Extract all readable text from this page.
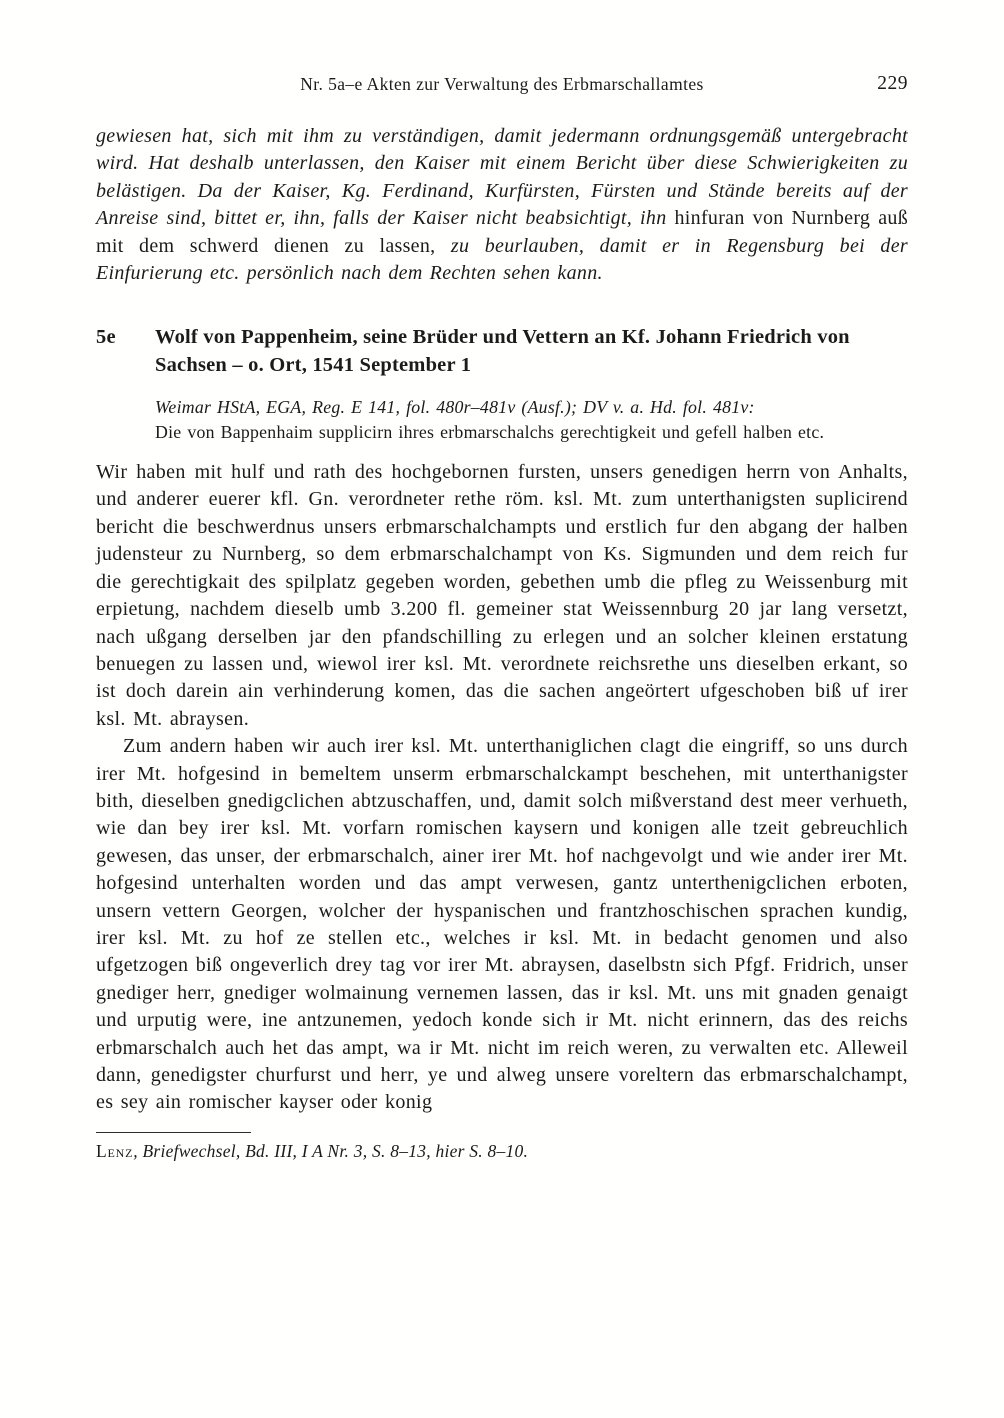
Nr. 5a–e Akten zur Verwaltung des Erbmarschallamtes	229

gewiesen hat, sich mit ihm zu verständigen, damit jedermann ordnungsgemäß untergebracht wird. Hat deshalb unterlassen, den Kaiser mit einem Bericht über diese Schwierigkeiten zu belästigen. Da der Kaiser, Kg. Ferdinand, Kurfürsten, Fürsten und Stände bereits auf der Anreise sind, bittet er, ihn, falls der Kaiser nicht beabsichtigt, ihn hinfuran von Nurnberg auß mit dem schwerd dienen zu lassen, zu beurlauben, damit er in Regensburg bei der Einfurierung etc. persönlich nach dem Rechten sehen kann.

5e	Wolf von Pappenheim, seine Brüder und Vettern an Kf. Johann Friedrich von Sachsen – o. Ort, 1541 September 1
Weimar HStA, EGA, Reg. E 141, fol. 480r–481v (Ausf.); DV v. a. Hd. fol. 481v:
Die von Bappenhaim supplicirn ihres erbmarschalchs gerechtigkeit und gefell halben etc.

Wir haben mit hulf und rath des hochgebornen fursten, unsers genedigen herrn von Anhalts, und anderer euerer kfl. Gn. verordneter rethe röm. ksl. Mt. zum unterthanigsten suplicirend bericht die beschwerdnus unsers erbmarschalchampts und erstlich fur den abgang der halben judensteur zu Nurnberg, so dem erbmarschalchampt von Ks. Sigmunden und dem reich fur die gerechtigkait des spilplatz gegeben worden, gebethen umb die pfleg zu Weissenburg mit erpietung, nachdem dieselb umb 3.200 fl. gemeiner stat Weissennburg 20 jar lang versetzt, nach ußgang derselben jar den pfandschilling zu erlegen und an solcher kleinen erstatung benuegen zu lassen und, wiewol irer ksl. Mt. verordnete reichsrethe uns dieselben erkant, so ist doch darein ain verhinderung komen, das die sachen angeörtert ufgeschoben biß uf irer ksl. Mt. abraysen.

Zum andern haben wir auch irer ksl. Mt. unterthaniglichen clagt die eingriff, so uns durch irer Mt. hofgesind in bemeltem unserm erbmarschalckampt beschehen, mit unterthanigster bith, dieselben gnedigclichen abtzuschaffen, und, damit solch mißverstand dest meer verhueth, wie dan bey irer ksl. Mt. vorfarn romischen kaysern und konigen alle tzeit gebreuchlich gewesen, das unser, der erbmarschalch, ainer irer Mt. hof nachgevolgt und wie ander irer Mt. hofgesind unterhalten worden und das ampt verwesen, gantz unterthenigclichen erboten, unsern vettern Georgen, wolcher der hyspanischen und frantzhoschischen sprachen kundig, irer ksl. Mt. zu hof ze stellen etc., welches ir ksl. Mt. in bedacht genomen und also ufgetzogen biß ongeverlich drey tag vor irer Mt. abraysen, daselbstn sich Pfgf. Fridrich, unser gnediger herr, gnediger wolmainung vernemen lassen, das ir ksl. Mt. uns mit gnaden genaigt und urputig were, ine antzunemen, yedoch konde sich ir Mt. nicht erinnern, das des reichs erbmarschalch auch het das ampt, wa ir Mt. nicht im reich weren, zu verwalten etc. Alleweil dann, genedigster churfurst und herr, ye und alweg unsere voreltern das erbmarschalchampt, es sey ain romischer kayser oder konig

Lenz, Briefwechsel, Bd. III, I A Nr. 3, S. 8–13, hier S. 8–10.
